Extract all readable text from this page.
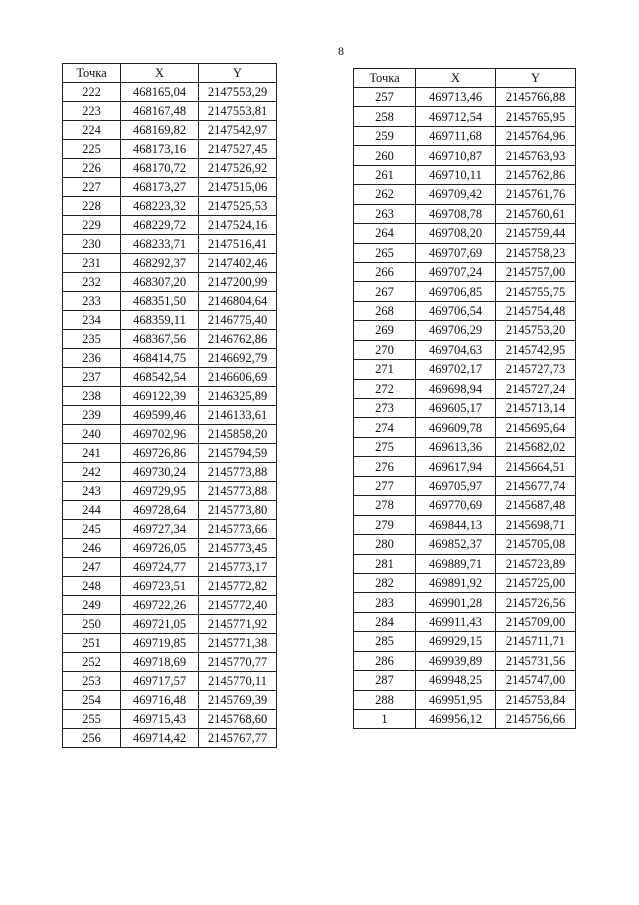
8
Точка	X	Y
222	468165,04	2147553,29
223	468167,48	2147553,81
224	468169,82	2147542,97
225	468173,16	2147527,45
226	468170,72	2147526,92
227	468173,27	2147515,06
228	468223,32	2147525,53
229	468229,72	2147524,16
230	468233,71	2147516,41
231	468292,37	2147402,46
232	468307,20	2147200,99
233	468351,50	2146804,64
234	468359,11	2146775,40
235	468367,56	2146762,86
236	468414,75	2146692,79
237	468542,54	2146606,69
238	469122,39	2146325,89
239	469599,46	2146133,61
240	469702,96	2145858,20
241	469726,86	2145794,59
242	469730,24	2145773,88
243	469729,95	2145773,88
244	469728,64	2145773,80
245	469727,34	2145773,66
246	469726,05	2145773,45
247	469724,77	2145773,17
248	469723,51	2145772,82
249	469722,26	2145772,40
250	469721,05	2145771,92
251	469719,85	2145771,38
252	469718,69	2145770,77
253	469717,57	2145770,11
254	469716,48	2145769,39
255	469715,43	2145768,60
256	469714,42	2145767,77
Точка	X	Y
257	469713,46	2145766,88
258	469712,54	2145765,95
259	469711,68	2145764,96
260	469710,87	2145763,93
261	469710,11	2145762,86
262	469709,42	2145761,76
263	469708,78	2145760,61
264	469708,20	2145759,44
265	469707,69	2145758,23
266	469707,24	2145757,00
267	469706,85	2145755,75
268	469706,54	2145754,48
269	469706,29	2145753,20
270	469704,63	2145742,95
271	469702,17	2145727,73
272	469698,94	2145727,24
273	469605,17	2145713,14
274	469609,78	2145695,64
275	469613,36	2145682,02
276	469617,94	2145664,51
277	469705,97	2145677,74
278	469770,69	2145687,48
279	469844,13	2145698,71
280	469852,37	2145705,08
281	469889,71	2145723,89
282	469891,92	2145725,00
283	469901,28	2145726,56
284	469911,43	2145709,00
285	469929,15	2145711,71
286	469939,89	2145731,56
287	469948,25	2145747,00
288	469951,95	2145753,84
1	469956,12	2145756,66
